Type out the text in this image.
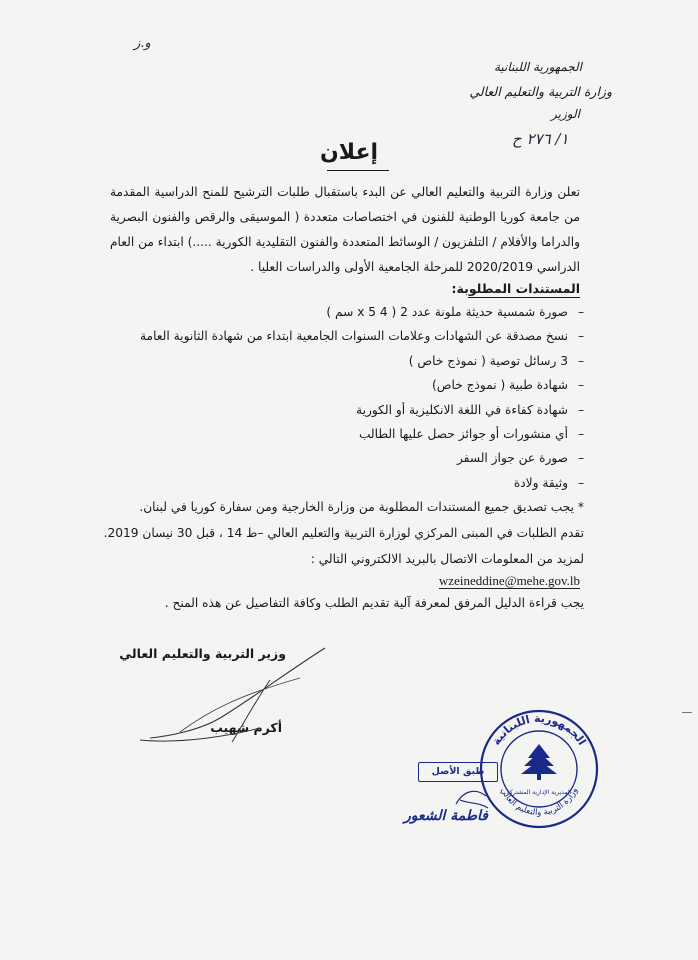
و.ز
الجمهورية اللبنانية
وزارة التربية والتعليم العالي
الوزير
١/ ٢٧٦ ح
إعلان
تعلن وزارة التربية والتعليم العالي عن البدء باستقبال طلبات الترشيح للمنح الدراسية المقدمة من جامعة كوريا الوطنية للفنون في اختصاصات متعددة ( الموسيقى والرقص والفنون البصرية والدراما والأفلام / التلفزيون / الوسائط المتعددة والفنون التقليدية الكورية .....) ابتداء من العام الدراسي 2020/2019 للمرحلة الجامعية الأولى والدراسات العليا .
المستندات المطلوبة:
–صورة شمسية حديثة ملونة عدد 2 ( 4 x 5 سم )
–نسخ مصدقة عن الشهادات وعلامات السنوات الجامعية ابتداء من شهادة الثانوية العامة
–3 رسائل توصية ( نموذج خاص )
–شهادة طبية ( نموذج خاص)
–شهادة كفاءة في اللغة الانكليزية أو الكورية
–أي منشورات أو جوائز حصل عليها الطالب
–صورة عن جواز السفر
–وثيقة ولادة
* يجب تصديق جميع المستندات المطلوبة من وزارة الخارجية ومن سفارة كوريا في لبنان.
تقدم الطلبات في المبنى المركزي لوزارة التربية والتعليم العالي –ط 14 ، قبل 30 نيسان 2019.
لمزيد من المعلومات الاتصال بالبريد الالكتروني التالي :
wzeineddine@mehe.gov.lb
يجب قراءة الدليل المرفق لمعرفة آلية تقديم الطلب وكافة التفاصيل عن هذه المنح .
وزير التربية والتعليم العالي
أكرم شهيب
الجمهورية اللبنانية
وزارة التربية والتعليم العالي
المديرية الإدارية المشتركة
طبق الأصل
فاطمة الشعور
